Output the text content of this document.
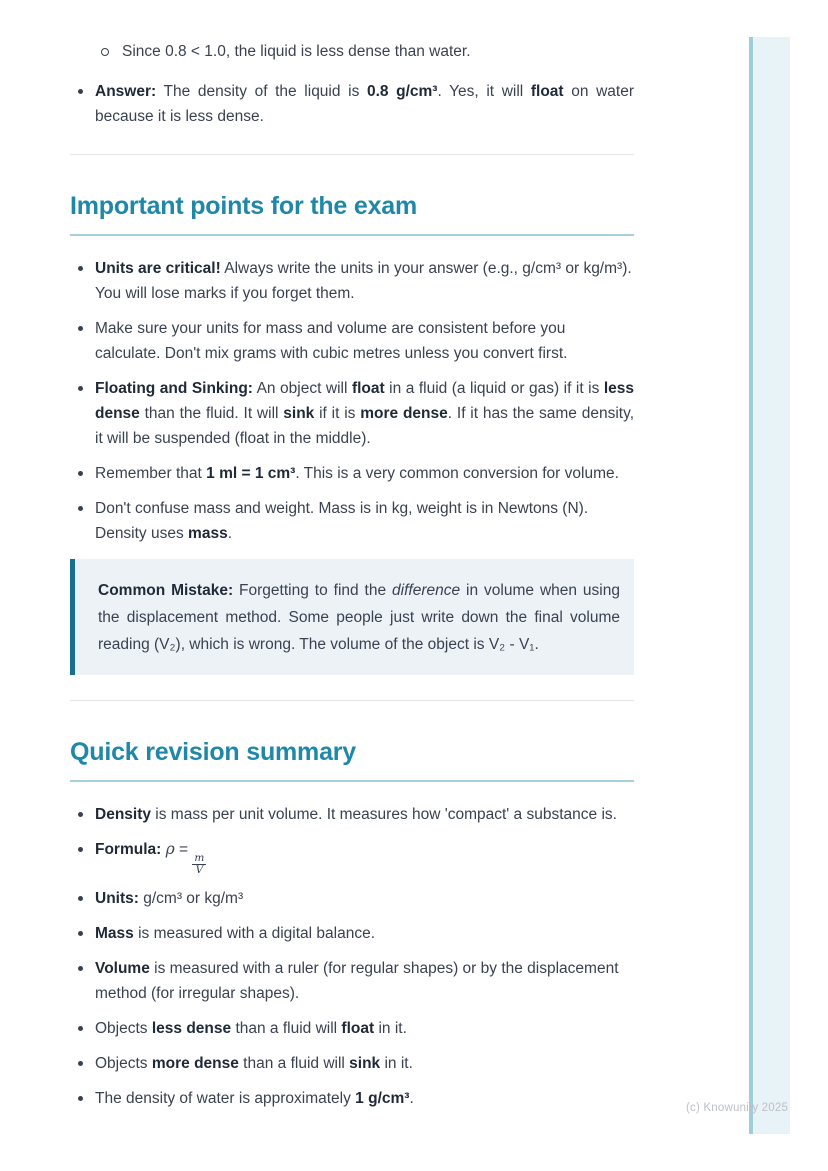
Since 0.8 < 1.0, the liquid is less dense than water.

Answer: The density of the liquid is 0.8 g/cm³. Yes, it will float on water because it is less dense.

Important points for the exam

Units are critical! Always write the units in your answer (e.g., g/cm³ or kg/m³). You will lose marks if you forget them.

Make sure your units for mass and volume are consistent before you calculate. Don't mix grams with cubic metres unless you convert first.

Floating and Sinking: An object will float in a fluid (a liquid or gas) if it is less dense than the fluid. It will sink if it is more dense. If it has the same density, it will be suspended (float in the middle).

Remember that 1 ml = 1 cm³. This is a very common conversion for volume.

Don't confuse mass and weight. Mass is in kg, weight is in Newtons (N). Density uses mass.

Common Mistake: Forgetting to find the difference in volume when using the displacement method. Some people just write down the final volume reading (V₂), which is wrong. The volume of the object is V₂ - V₁.

Quick revision summary

Density is mass per unit volume. It measures how 'compact' a substance is.

Formula: ρ =
$\frac{m}{V}$

Units: g/cm³ or kg/m³

Mass is measured with a digital balance.

Volume is measured with a ruler (for regular shapes) or by the displacement method (for irregular shapes).

Objects less dense than a fluid will float in it.

Objects more dense than a fluid will sink in it.

The density of water is approximately 1 g/cm³.

(c) Knowunity 2025
